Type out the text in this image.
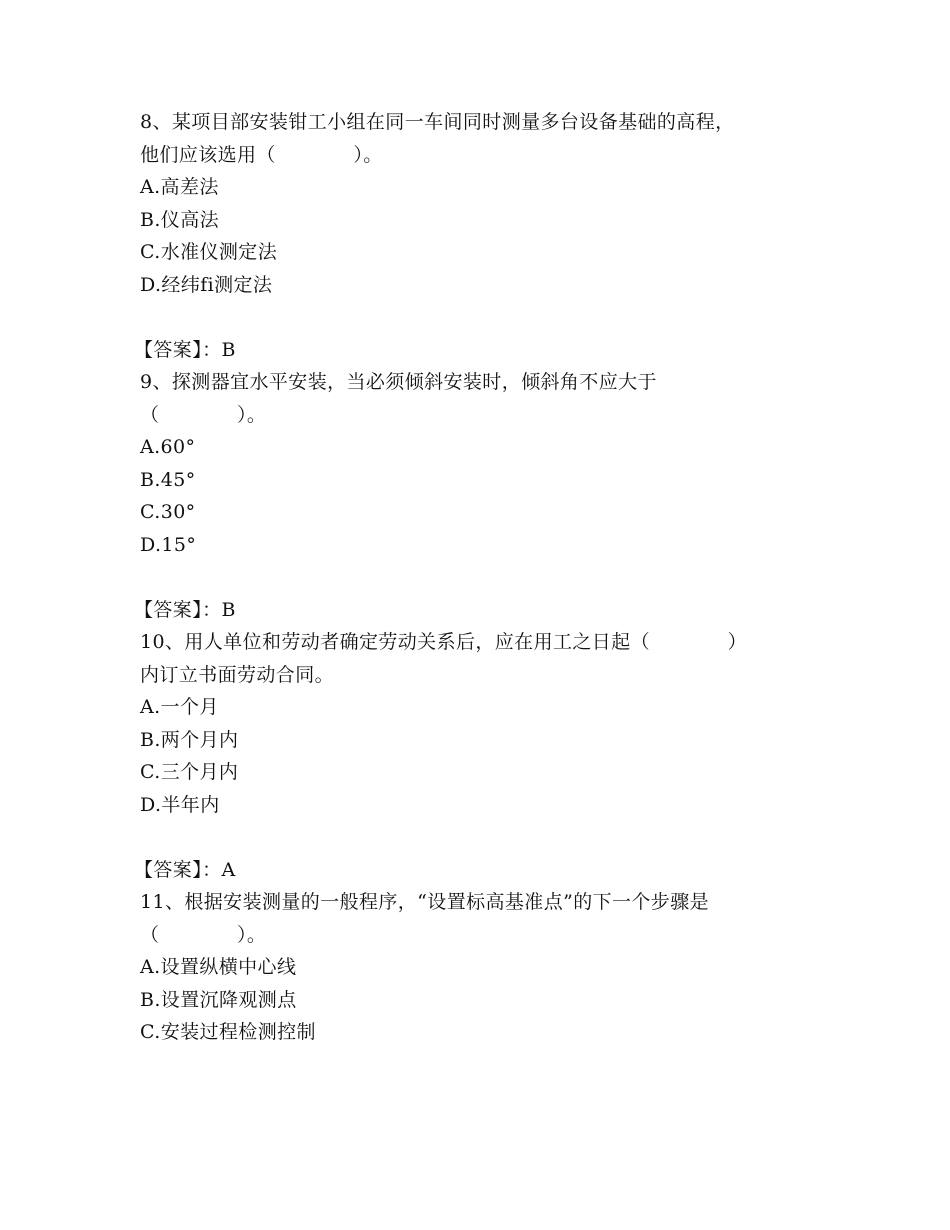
8、某项目部安装钳工小组在同一车间同时测量多台设备基础的高程，
他们应该选用（　　　　）。
A.高差法
B.仪高法
C.水准仪测定法
D.经纬fi测定法
【答案】：B
9、探测器宜水平安装，当必须倾斜安装时，倾斜角不应大于
（　　　　）。
A.60°
B.45°
C.30°
D.15°
【答案】：B
10、用人单位和劳动者确定劳动关系后，应在用工之日起（　　　　）
内订立书面劳动合同。
A.一个月
B.两个月内
C.三个月内
D.半年内
【答案】：A
11、根据安装测量的一般程序，“设置标高基准点”的下一个步骤是
（　　　　）。
A.设置纵横中心线
B.设置沉降观测点
C.安装过程检测控制
